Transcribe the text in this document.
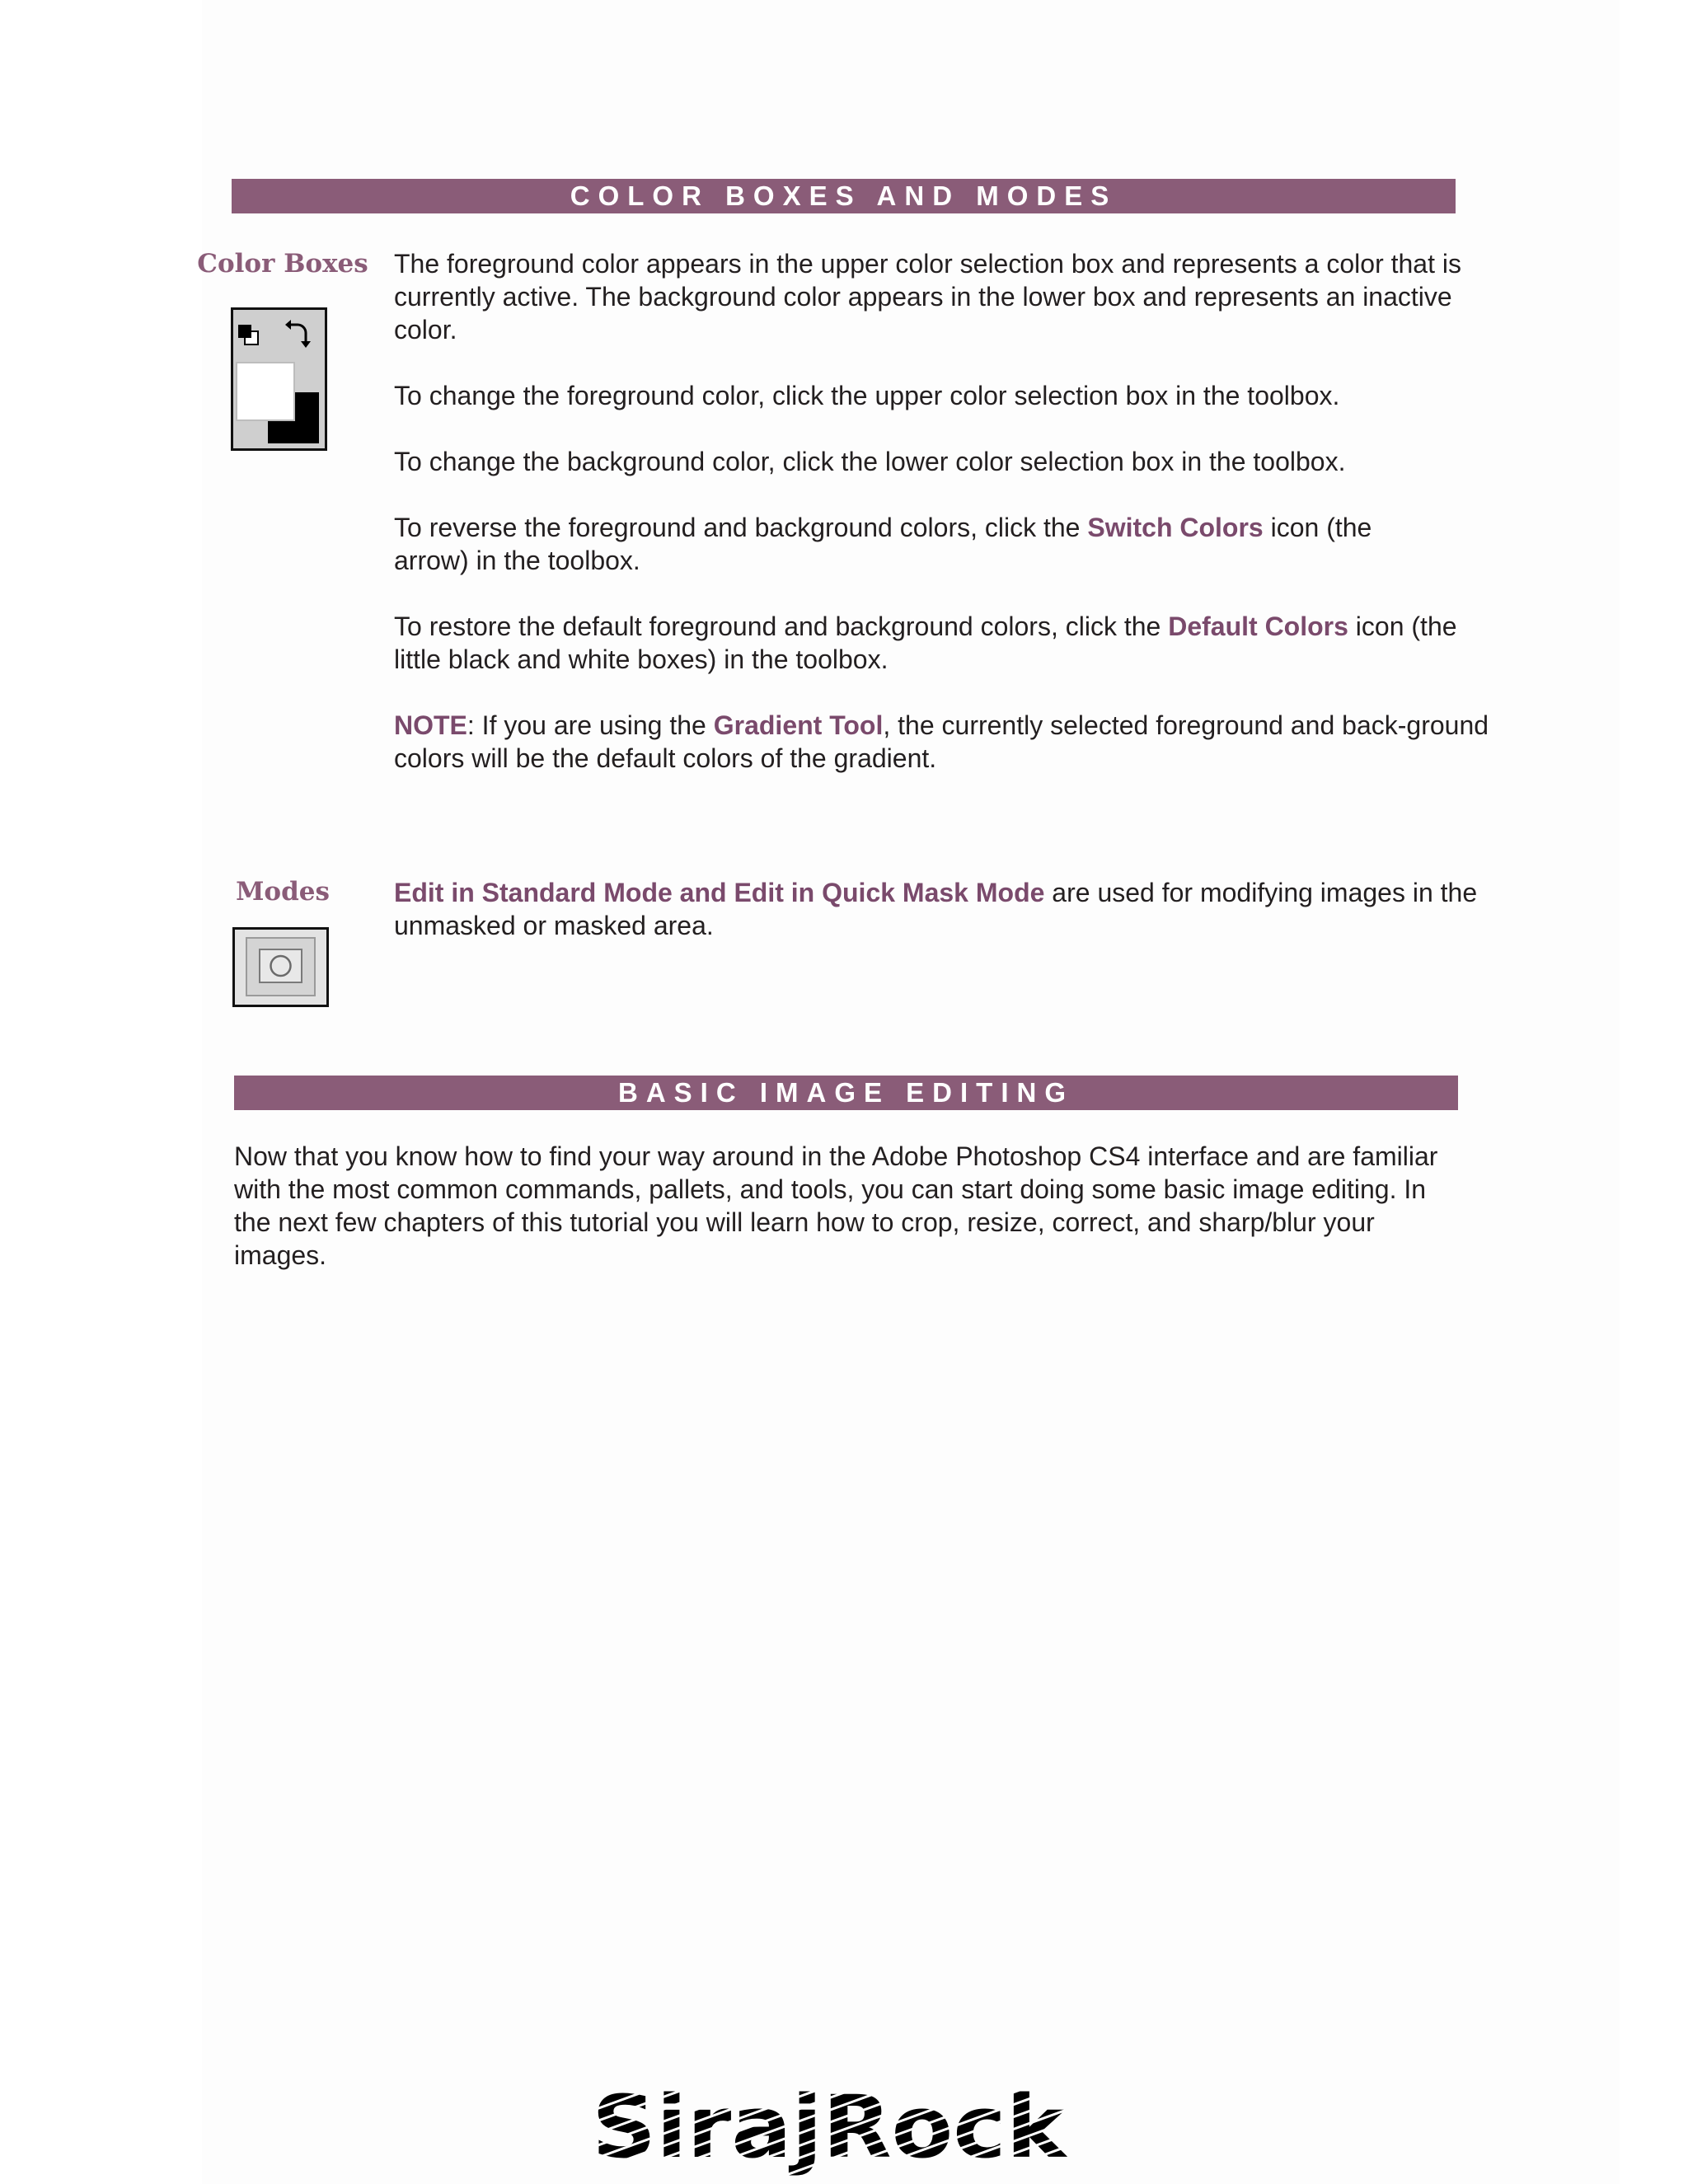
COLOR BOXES AND MODES
Color Boxes The foreground color appears in the upper color selection box and represents a color that is currently active. The background color appears in the lower box and represents an inactive color.

To change the foreground color, click the upper color selection box in the toolbox.

To change the background color, click the lower color selection box in the toolbox.

To reverse the foreground and background colors, click the Switch Colors icon (the arrow) in the toolbox.

To restore the default foreground and background colors, click the Default Colors icon (the little black and white boxes) in the toolbox.

NOTE: If you are using the Gradient Tool, the currently selected foreground and back-ground colors will be the default colors of the gradient.

Modes	Edit in Standard Mode and Edit in Quick Mask Mode are used for modifying images in the unmasked or masked area.

BASIC IMAGE EDITING

Now that you know how to find your way around in the Adobe Photoshop CS4 interface and are familiar with the most common commands, pallets, and tools, you can start doing some basic image editing. In the next few chapters of this tutorial you will learn how to crop, resize, correct, and sharp/blur your images.

SirajRock
